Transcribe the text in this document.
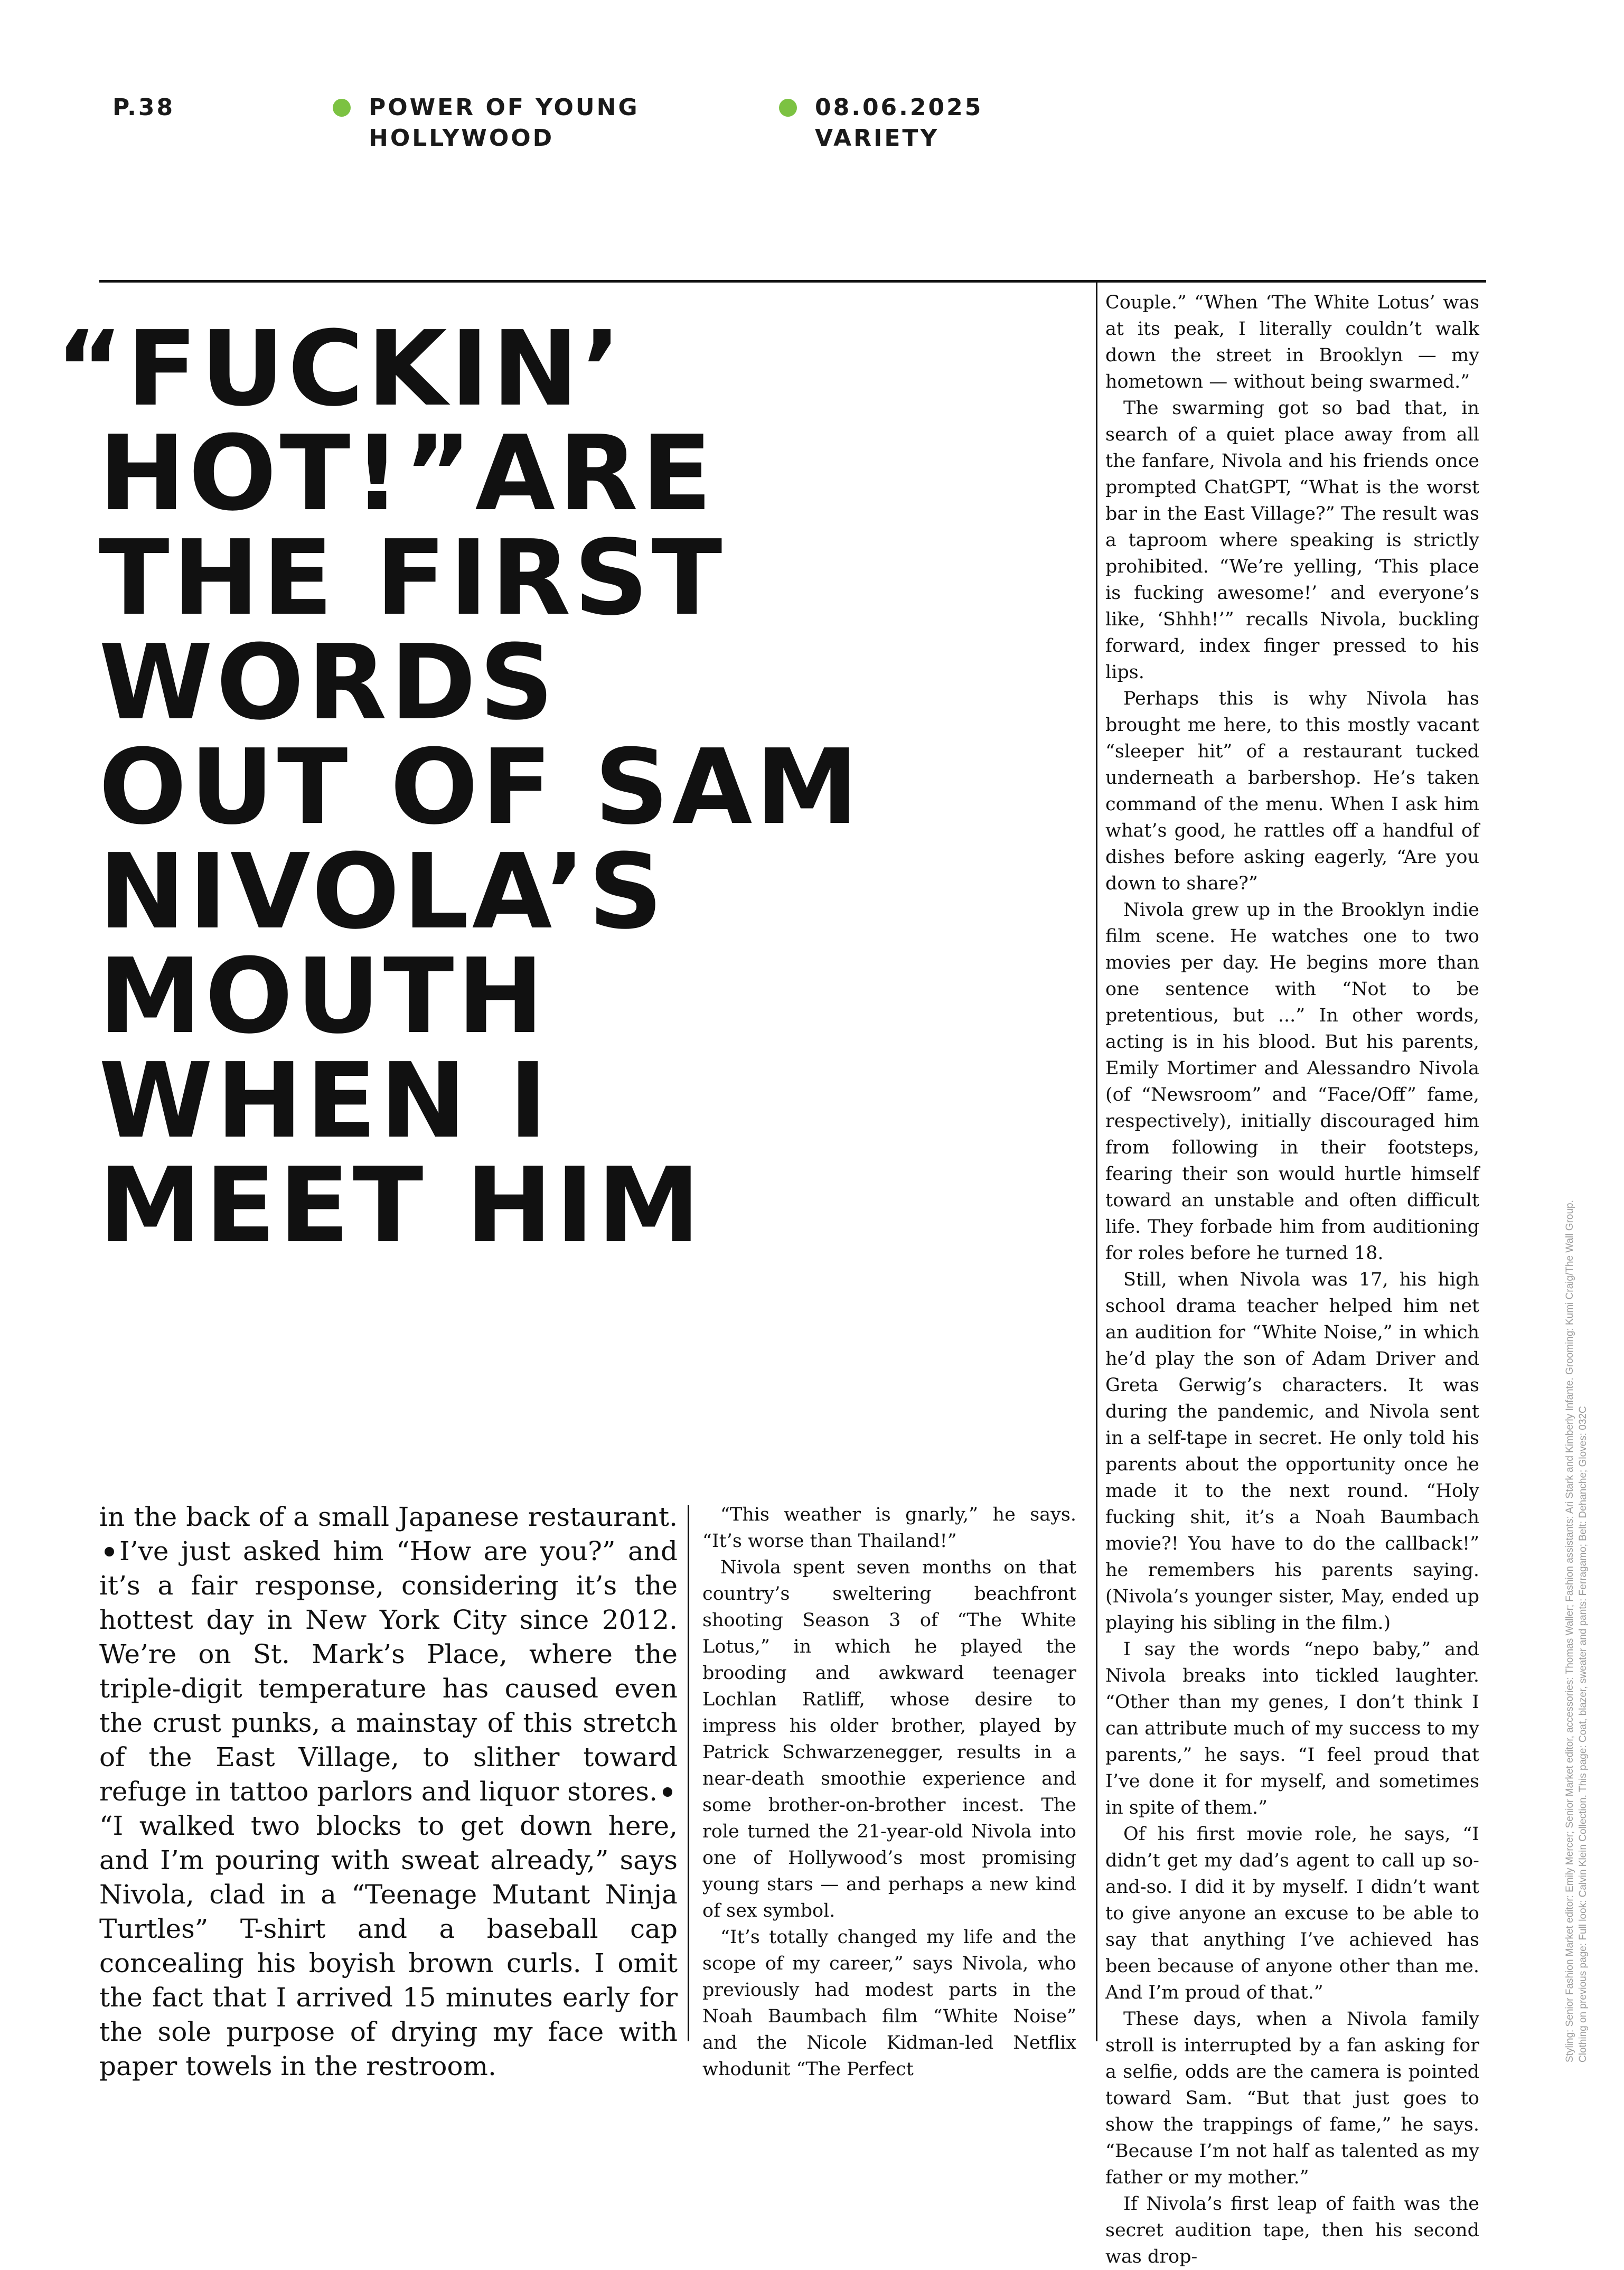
P.38	POWER OF YOUNG
HOLLYWOOD
08.06.2025
VARIETY
“FUCKIN’
HOT!”ARE
THE FIRST
WORDS
OUT OF SAM
NIVOLA’S
MOUTH
WHEN I
MEET HIM
in the back of a small Japanese restaurant.I’ve just asked him “How are you?” and it’s a fair response, considering it’s the hottest day in New York City since 2012. We’re on St. Mark’s Place, where the triple-digit temperature has caused even the crust punks, a mainstay of this stretch of the East Village, to slither toward refuge in tattoo parlors and liquor stores.“I walked two blocks to get down here, and I’m pouring with sweat already,” says Nivola, clad in a “Teenage Mutant Ninja Turtles” T-shirt and a baseball cap concealing his boyish brown curls. I omit the fact that I arrived 15 minutes early for the sole purpose of drying my face with paper towels in the restroom.

“This weather is gnarly,” he says. “It’s worse than Thailand!”

Nivola spent seven months on that country’s sweltering beachfront shooting Season 3 of “The White Lotus,” in which he played the brooding and awkward teenager Lochlan Ratliff, whose desire to impress his older brother, played by Patrick Schwarzenegger, results in a near-death smoothie experience and some brother-on-brother incest. The role turned the 21-year-old Nivola into one of Hollywood’s most promising young stars — and perhaps a new kind of sex symbol.

“It’s totally changed my life and the scope of my career,” says Nivola, who previously had modest parts in the Noah Baumbach film “White Noise” and the Nicole Kidman-led Netflix whodunit “The Perfect

Couple.” “When ‘The White Lotus’ was at its peak, I literally couldn’t walk down the street in Brooklyn — my hometown — without being swarmed.”

The swarming got so bad that, in search of a quiet place away from all the fanfare, Nivola and his friends once prompted ChatGPT, “What is the worst bar in the East Village?” The result was a taproom where speaking is strictly prohibited. “We’re yelling, ‘This place is fucking awesome!’ and everyone’s like, ‘Shhh!’” recalls Nivola, buckling forward, index finger pressed to his lips.

Perhaps this is why Nivola has brought me here, to this mostly vacant “sleeper hit” of a restaurant tucked underneath a barbershop. He’s taken command of the menu. When I ask him what’s good, he rattles off a handful of dishes before asking eagerly, “Are you down to share?”

Nivola grew up in the Brooklyn indie film scene. He watches one to two movies per day. He begins more than one sentence with “Not to be pretentious, but ...” In other words, acting is in his blood. But his parents, Emily Mortimer and Alessandro Nivola (of “Newsroom” and “Face/Off” fame, respectively), initially discouraged him from following in their footsteps, fearing their son would hurtle himself toward an unstable and often difficult life. They forbade him from auditioning for roles before he turned 18.

Still, when Nivola was 17, his high school drama teacher helped him net an audition for “White Noise,” in which he’d play the son of Adam Driver and Greta Gerwig’s characters. It was during the pandemic, and Nivola sent in a self-tape in secret. He only told his parents about the opportunity once he made it to the next round. “Holy fucking shit, it’s a Noah Baumbach movie?! You have to do the callback!” he remembers his parents saying. (Nivola’s younger sister, May, ended up playing his sibling in the film.)

I say the words “nepo baby,” and Nivola breaks into tickled laughter. “Other than my genes, I don’t think I can attribute much of my success to my parents,” he says. “I feel proud that I’ve done it for myself, and sometimes in spite of them.”

Of his first movie role, he says, “I didn’t get my dad’s agent to call up so-and-so. I did it by myself. I didn’t want to give anyone an excuse to be able to say that anything I’ve achieved has been because of anyone other than me. And I’m proud of that.”

These days, when a Nivola family stroll is interrupted by a fan asking for a selfie, odds are the camera is pointed toward Sam. “But that just goes to show the trappings of fame,” he says. “Because I’m not half as talented as my father or my mother.”

If Nivola’s first leap of faith was the secret audition tape, then his second was drop-

Styling: Senior Fashion Market editor: Emily Mercer; Senior Market editor, accessories: Thomas Waller; Fashion assistants: Ari Stark and Kimberly Infante. Grooming: Kumi Craig/The Wall Group. Clothing on previous page: Full look: Calvin Klein Collection. This page: Coat, blazer, sweater and pants: Ferragamo; Belt: Dehanche; Gloves: 032C
